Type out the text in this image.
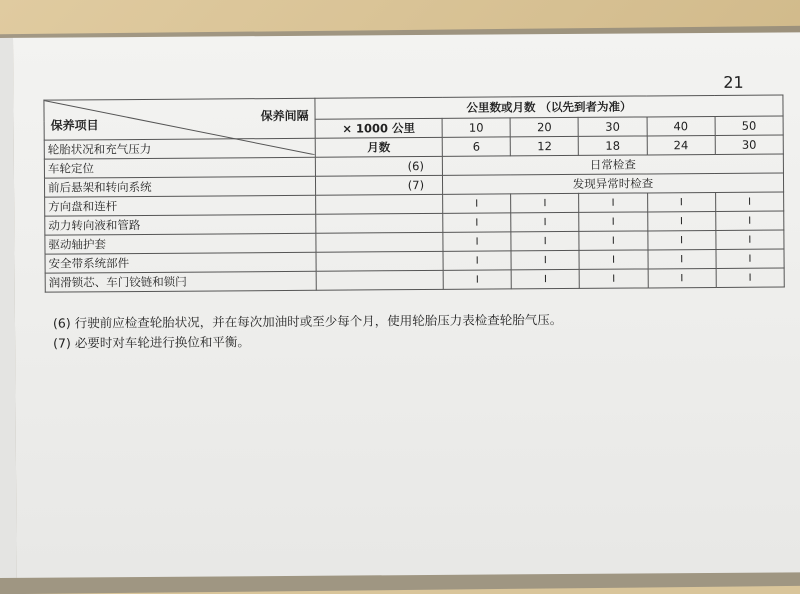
21
保养间隔
保养项目	公里数或月数 （以先到者为准）					
	× 1000 公里	10	20	30	40	50
轮胎状况和充气压力	月数	6	12	18	24	30
车轮定位	(6)	日常检查				
前后悬架和转向系统	(7)	发现异常时检查				
方向盘和连杆		I	I	I	I	I
动力转向液和管路		I	I	I	I	I
驱动轴护套		I	I	I	I	I
安全带系统部件		I	I	I	I	I
润滑锁芯、车门铰链和锁闩		I	I	I	I	I
(6) 行驶前应检查轮胎状况，并在每次加油时或至少每个月，使用轮胎压力表检查轮胎气压。
(7) 必要时对车轮进行换位和平衡。
